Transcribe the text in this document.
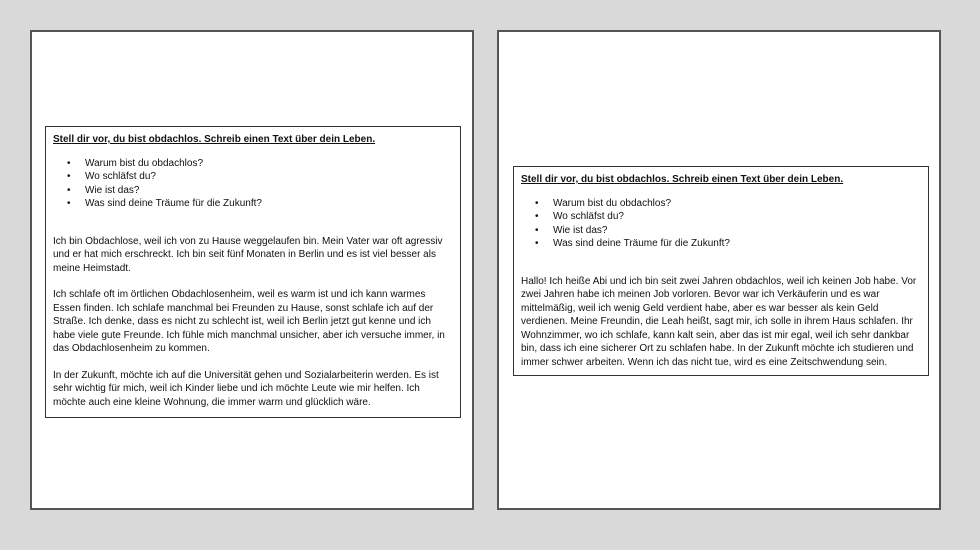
Stell dir vor, du bist obdachlos. Schreib einen Text über dein Leben.
• Warum bist du obdachlos?
• Wo schläfst du?
• Wie ist das?
• Was sind deine Träume für die Zukunft?

Ich bin Obdachlose, weil ich von zu Hause weggelaufen bin. Mein Vater war oft agressiv und er hat mich erschreckt. Ich bin seit fünf Monaten in Berlin und es ist viel besser als meine Heimstadt.

Ich schlafe oft im örtlichen Obdachlosenheim, weil es warm ist und ich kann warmes Essen finden. Ich schlafe manchmal bei Freunden zu Hause, sonst schlafe ich auf der Straße. Ich denke, dass es nicht zu schlecht ist, weil ich Berlin jetzt gut kenne und ich habe viele gute Freunde. Ich fühle mich manchmal unsicher, aber ich versuche immer, in das Obdachlosenheim zu kommen.

In der Zukunft, möchte ich auf die Universität gehen und Sozialarbeiterin werden. Es ist sehr wichtig für mich, weil ich Kinder liebe und ich möchte Leute wie mir helfen. Ich möchte auch eine kleine Wohnung, die immer warm und glücklich wäre.

Stell dir vor, du bist obdachlos. Schreib einen Text über dein Leben.
• Warum bist du obdachlos?
• Wo schläfst du?
• Wie ist das?
• Was sind deine Träume für die Zukunft?

Hallo! Ich heiße Abi und ich bin seit zwei Jahren obdachlos, weil ich keinen Job habe. Vor zwei Jahren habe ich meinen Job vorloren. Bevor war ich Verkäuferin und es war mittelmäßig, weil ich wenig Geld verdient habe, aber es war besser als kein Geld verdienen. Meine Freundin, die Leah heißt, sagt mir, ich solle in ihrem Haus schlafen. Ihr Wohnzimmer, wo ich schlafe, kann kalt sein, aber das ist mir egal, weil ich sehr dankbar bin, dass ich eine sicherer Ort zu schlafen habe. In der Zukunft möchte ich studieren und immer schwer arbeiten. Wenn ich das nicht tue, wird es eine Zeitschwendung sein.
